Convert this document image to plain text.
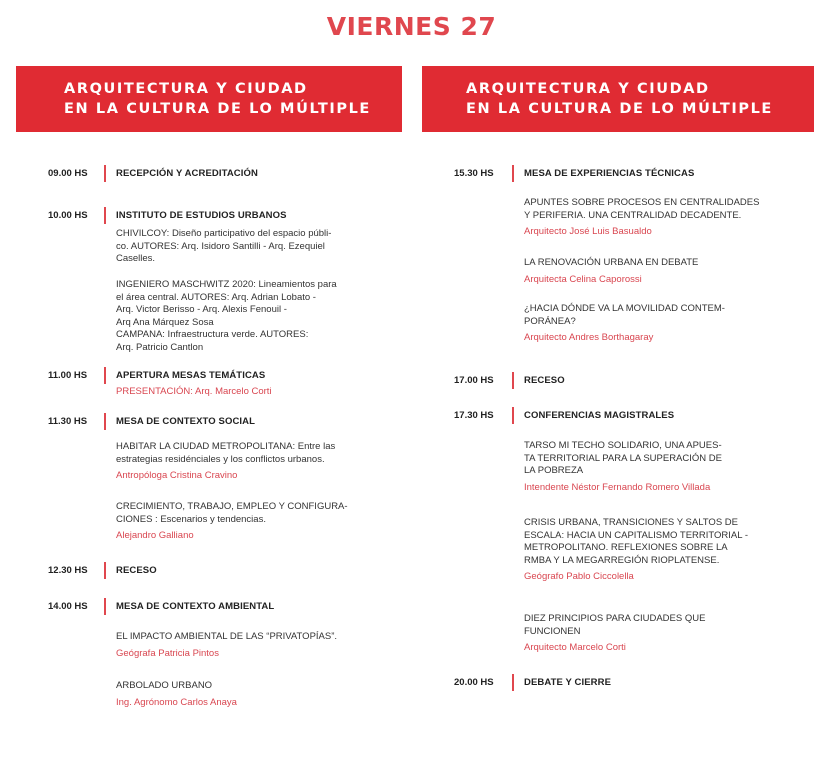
VIERNES 27
ARQUITECTURA Y CIUDAD
EN LA CULTURA DE LO MÚLTIPLE
ARQUITECTURA Y CIUDAD
EN LA CULTURA DE LO MÚLTIPLE
09.00 HS	RECEPCIÓN Y ACREDITACIÓN
10.00 HS	INSTITUTO DE ESTUDIOS URBANOS
CHIVILCOY: Diseño participativo del espacio públi-
co. AUTORES: Arq. Isidoro Santilli - Arq. Ezequiel
Caselles.
INGENIERO MASCHWITZ 2020: Lineamientos para
el área central. AUTORES: Arq. Adrian Lobato -
Arq. Victor Berisso - Arq. Alexis Fenouil -
Arq Ana Márquez Sosa
CAMPANA: Infraestructura verde. AUTORES:
Arq. Patricio Cantlon
11.00 HS	APERTURA MESAS TEMÁTICAS
PRESENTACIÓN: Arq. Marcelo Corti
11.30 HS	MESA DE CONTEXTO SOCIAL
HABITAR LA CIUDAD METROPOLITANA: Entre las
estrategias residénciales y los conflictos urbanos.
Antropóloga Cristina Cravino
CRECIMIENTO, TRABAJO, EMPLEO Y CONFIGURA-
CIONES : Escenarios y tendencias.
Alejandro Galliano
12.30 HS	RECESO
14.00 HS	MESA DE CONTEXTO AMBIENTAL
EL IMPACTO AMBIENTAL DE LAS “PRIVATOPÍAS”.
Geógrafa Patricia Pintos
ARBOLADO URBANO
Ing. Agrónomo Carlos Anaya
15.30 HS	MESA DE EXPERIENCIAS TÉCNICAS
APUNTES SOBRE PROCESOS EN CENTRALIDADES
Y PERIFERIA. UNA CENTRALIDAD DECADENTE.
Arquitecto José Luis Basualdo
LA RENOVACIÓN URBANA EN DEBATE
Arquitecta Celina Caporossi
¿HACIA DÓNDE VA LA MOVILIDAD CONTEM-
PORÁNEA?
Arquitecto Andres Borthagaray
17.00 HS	RECESO
17.30 HS	CONFERENCIAS MAGISTRALES
TARSO MI TECHO SOLIDARIO, UNA APUES-
TA TERRITORIAL PARA LA SUPERACIÓN DE
LA POBREZA
Intendente Néstor Fernando Romero Villada
CRISIS URBANA, TRANSICIONES Y SALTOS DE
ESCALA: HACIA UN CAPITALISMO TERRITORIAL -
METROPOLITANO. REFLEXIONES SOBRE LA
RMBA Y LA MEGARREGIÓN RIOPLATENSE.
Geógrafo Pablo Ciccolella
DIEZ PRINCIPIOS PARA CIUDADES QUE
FUNCIONEN
Arquitecto Marcelo Corti
20.00 HS	DEBATE Y CIERRE
